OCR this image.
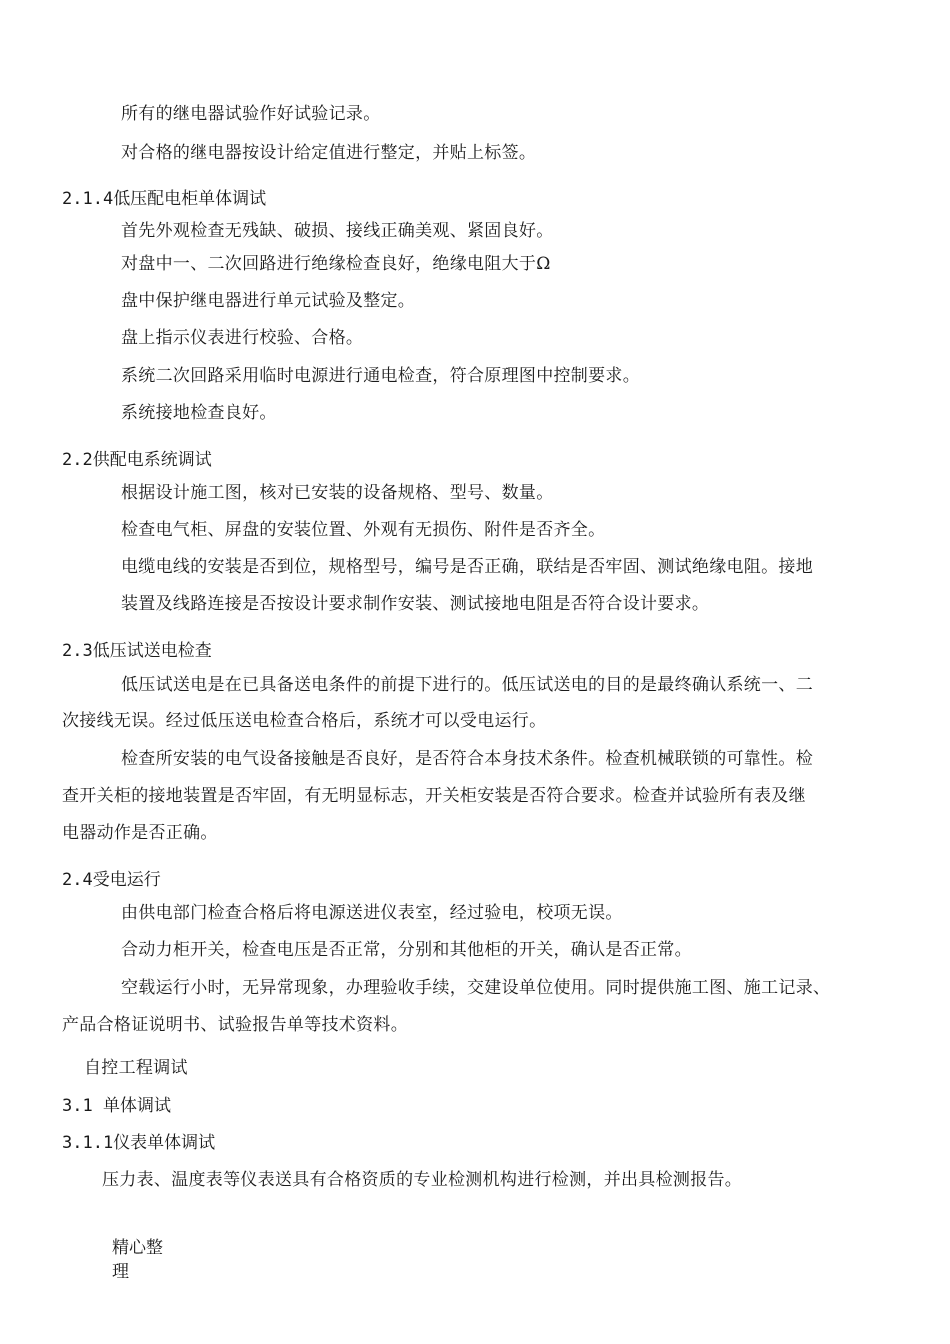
所有的继电器试验作好试验记录。
对合格的继电器按设计给定值进行整定，并贴上标签。
2.1.4低压配电柜单体调试
首先外观检查无残缺、破损、接线正确美观、紧固良好。
对盘中一、二次回路进行绝缘检查良好，绝缘电阻大于Ω
盘中保护继电器进行单元试验及整定。
盘上指示仪表进行校验、合格。
系统二次回路采用临时电源进行通电检查，符合原理图中控制要求。
系统接地检查良好。
2.2供配电系统调试
根据设计施工图，核对已安装的设备规格、型号、数量。
检查电气柜、屏盘的安装位置、外观有无损伤、附件是否齐全。
电缆电线的安装是否到位，规格型号，编号是否正确，联结是否牢固、测试绝缘电阻。接地
装置及线路连接是否按设计要求制作安装、测试接地电阻是否符合设计要求。
2.3低压试送电检查
低压试送电是在已具备送电条件的前提下进行的。低压试送电的目的是最终确认系统一、二
次接线无误。经过低压送电检查合格后，系统才可以受电运行。
检查所安装的电气设备接触是否良好，是否符合本身技术条件。检查机械联锁的可靠性。检
查开关柜的接地装置是否牢固，有无明显标志，开关柜安装是否符合要求。检查并试验所有表及继
电器动作是否正确。
2.4受电运行
由供电部门检查合格后将电源送进仪表室，经过验电，校项无误。
合动力柜开关，检查电压是否正常，分别和其他柜的开关，确认是否正常。
空载运行小时，无异常现象，办理验收手续，交建设单位使用。同时提供施工图、施工记录、
产品合格证说明书、试验报告单等技术资料。
自控工程调试
3.1 单体调试
3.1.1仪表单体调试
压力表、温度表等仪表送具有合格资质的专业检测机构进行检测，并出具检测报告。
精心整理
